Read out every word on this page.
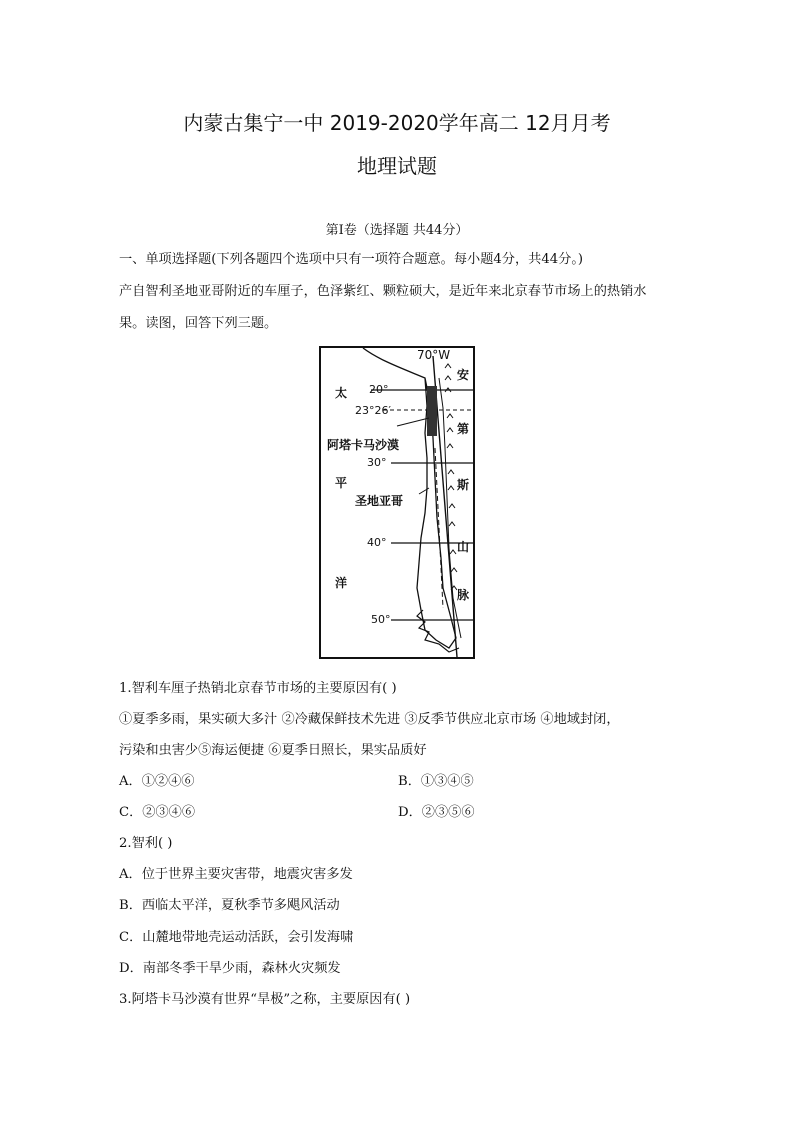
内蒙古集宁一中 2019-2020学年高二 12月月考
地理试题
第Ⅰ卷（选择题 共44分）
一、单项选择题(下列各题四个选项中只有一项符合题意。每小题4分，共44分。)
产自智利圣地亚哥附近的车厘子，色泽紫红、颗粒硕大，是近年来北京春节市场上的热销水
果。读图，回答下列三题。
70°W
太
平
洋
安
第
斯
山
脉
阿塔卡马沙漠
圣地亚哥
20°
23°26′
30°
40°
50°
1.智利车厘子热销北京春节市场的主要原因有( )
①夏季多雨，果实硕大多汁 ②冷藏保鲜技术先进 ③反季节供应北京市场 ④地域封闭，
污染和虫害少⑤海运便捷 ⑥夏季日照长，果实品质好
A．①②④⑥	B．①③④⑤
C．②③④⑥	D．②③⑤⑥
2.智利( )
A．位于世界主要灾害带，地震灾害多发
B．西临太平洋，夏秋季节多飓风活动
C．山麓地带地壳运动活跃，会引发海啸
D．南部冬季干旱少雨，森林火灾频发
3.阿塔卡马沙漠有世界“旱极”之称，主要原因有( )
